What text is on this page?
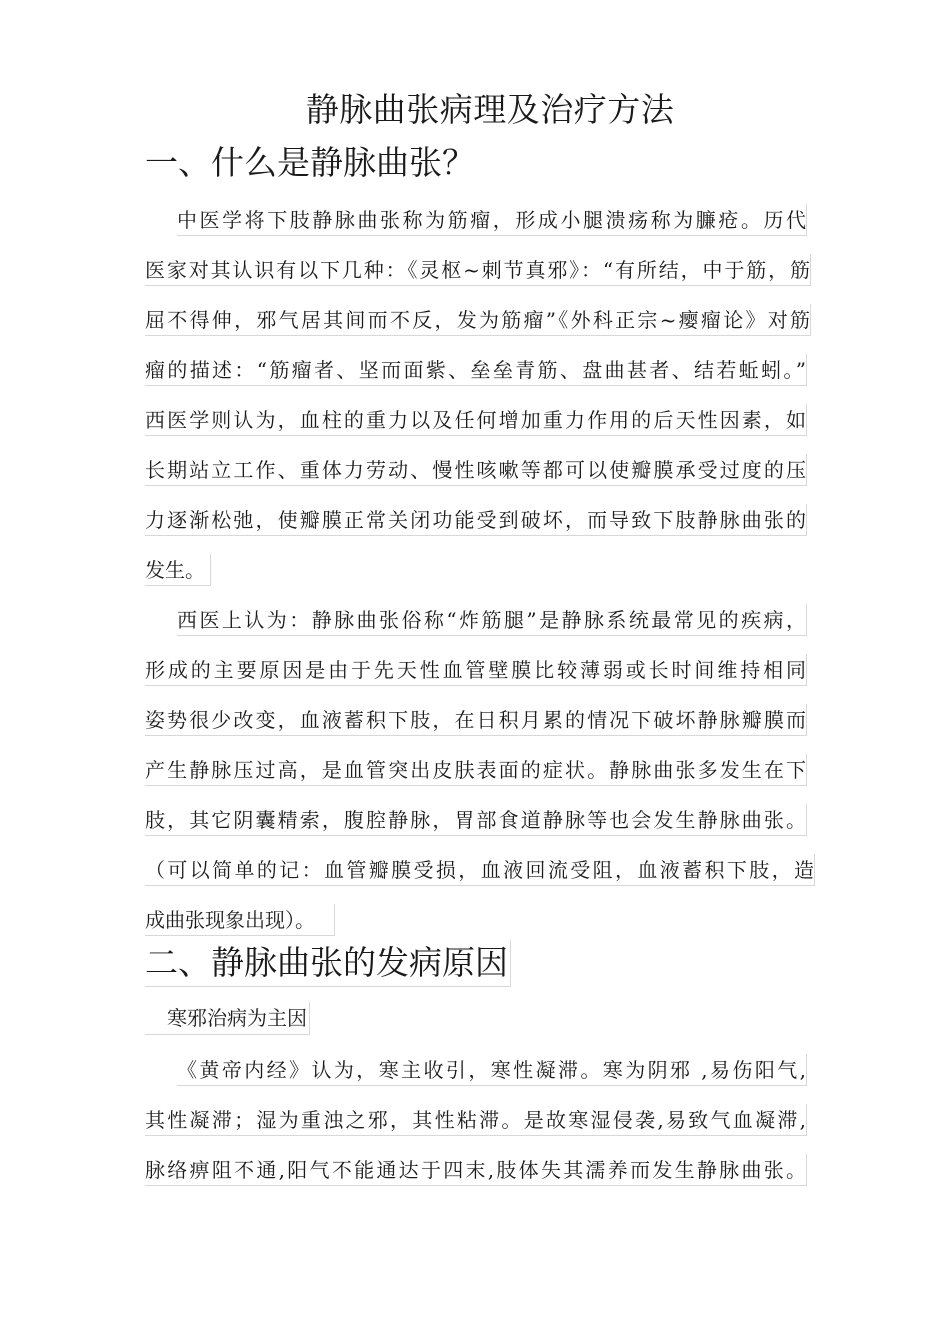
静脉曲张病理及治疗方法
一、什么是静脉曲张？
中医学将下肢静脉曲张称为筋瘤，形成小腿溃疡称为臁疮。历代
医家对其认识有以下几种：《灵枢~刺节真邪》：“有所结，中于筋，筋
屈不得伸，邪气居其间而不反，发为筋瘤”《外科正宗~瘿瘤论》对筋
瘤的描述：“筋瘤者、坚而面紫、垒垒青筋、盘曲甚者、结若蚯蚓。”
西医学则认为，血柱的重力以及任何增加重力作用的后天性因素，如
长期站立工作、重体力劳动、慢性咳嗽等都可以使瓣膜承受过度的压
力逐渐松弛，使瓣膜正常关闭功能受到破坏，而导致下肢静脉曲张的
发生。
西医上认为：静脉曲张俗称“炸筋腿”是静脉系统最常见的疾病，
形成的主要原因是由于先天性血管壁膜比较薄弱或长时间维持相同
姿势很少改变，血液蓄积下肢，在日积月累的情况下破坏静脉瓣膜而
产生静脉压过高，是血管突出皮肤表面的症状。静脉曲张多发生在下
肢，其它阴囊精索，腹腔静脉，胃部食道静脉等也会发生静脉曲张。
（可以简单的记：血管瓣膜受损，血液回流受阻，血液蓄积下肢，造
成曲张现象出现）。
二、静脉曲张的发病原因
寒邪治病为主因
《黄帝内经》认为，寒主收引，寒性凝滞。寒为阴邪 ,易伤阳气,
其性凝滞；湿为重浊之邪，其性粘滞。是故寒湿侵袭,易致气血凝滞,
脉络痹阻不通,阳气不能通达于四末,肢体失其濡养而发生静脉曲张。
